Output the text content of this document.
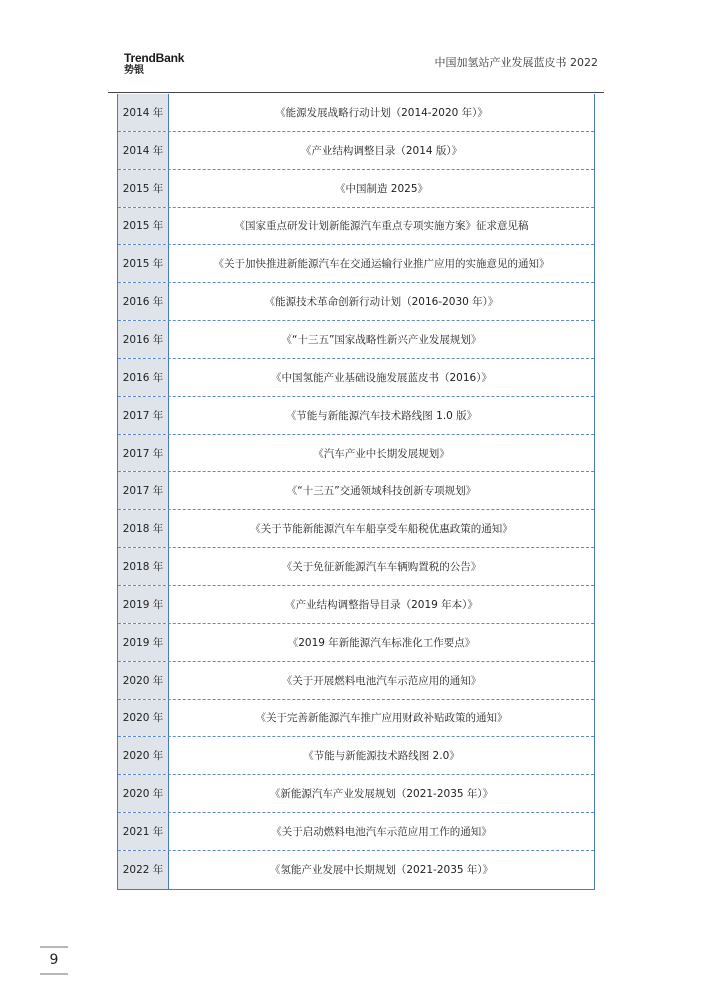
TrendBank
势银
中国加氢站产业发展蓝皮书 2022
2014 年	《能源发展战略行动计划（2014-2020 年）》
2014 年	《产业结构调整目录（2014 版）》
2015 年	《中国制造 2025》
2015 年	《国家重点研发计划新能源汽车重点专项实施方案》征求意见稿
2015 年	《关于加快推进新能源汽车在交通运输行业推广应用的实施意见的通知》
2016 年	《能源技术革命创新行动计划（2016-2030 年）》
2016 年	《“十三五”国家战略性新兴产业发展规划》
2016 年	《中国氢能产业基础设施发展蓝皮书（2016）》
2017 年	《节能与新能源汽车技术路线图 1.0 版》
2017 年	《汽车产业中长期发展规划》
2017 年	《“十三五”交通领域科技创新专项规划》
2018 年	《关于节能新能源汽车车船享受车船税优惠政策的通知》
2018 年	《关于免征新能源汽车车辆购置税的公告》
2019 年	《产业结构调整指导目录（2019 年本）》
2019 年	《2019 年新能源汽车标准化工作要点》
2020 年	《关于开展燃料电池汽车示范应用的通知》
2020 年	《关于完善新能源汽车推广应用财政补贴政策的通知》
2020 年	《节能与新能源技术路线图 2.0》
2020 年	《新能源汽车产业发展规划（2021-2035 年）》
2021 年	《关于启动燃料电池汽车示范应用工作的通知》
2022 年	《氢能产业发展中长期规划（2021-2035 年）》
9
